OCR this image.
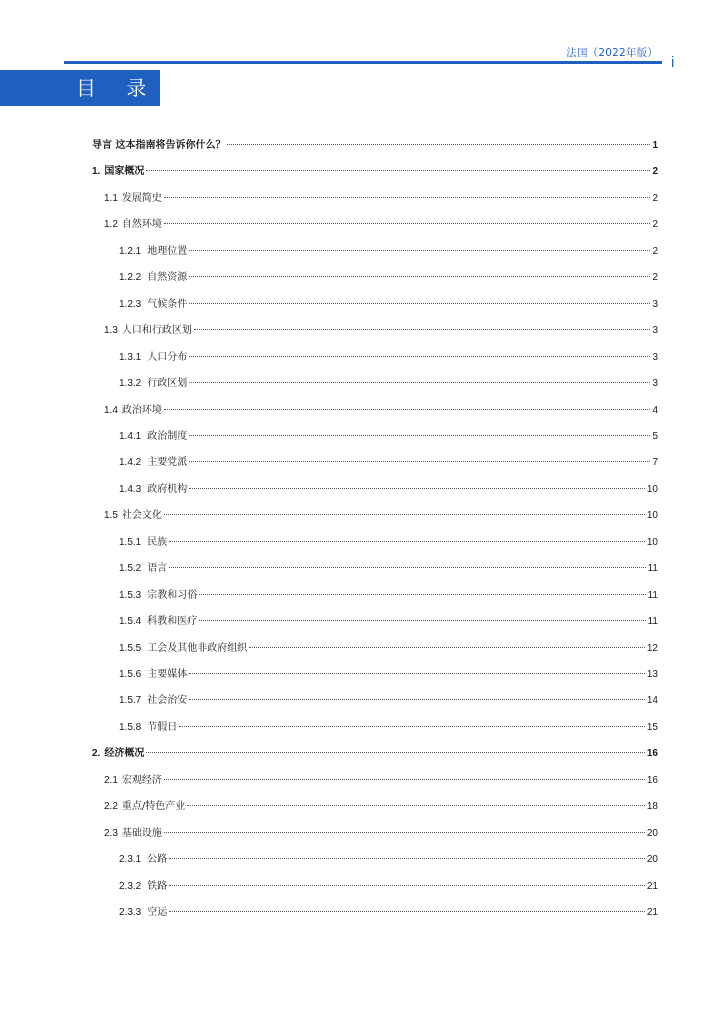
法国（2022年版）
i
目 录
导言 这本指南将告诉你什么？	1
1. 国家概况	2
1.1 发展简史	2
1.2 自然环境	2
1.2.1 地理位置	2
1.2.2 自然资源	2
1.2.3 气候条件	3
1.3 人口和行政区划	3
1.3.1 人口分布	3
1.3.2 行政区划	3
1.4 政治环境	4
1.4.1 政治制度	5
1.4.2 主要党派	7
1.4.3 政府机构	10
1.5 社会文化	10
1.5.1 民族	10
1.5.2 语言	11
1.5.3 宗教和习俗	11
1.5.4 科教和医疗	11
1.5.5 工会及其他非政府组织	12
1.5.6 主要媒体	13
1.5.7 社会治安	14
1.5.8 节假日	15
2. 经济概况	16
2.1 宏观经济	16
2.2 重点/特色产业	18
2.3 基础设施	20
2.3.1 公路	20
2.3.2 铁路	21
2.3.3 空运	21
